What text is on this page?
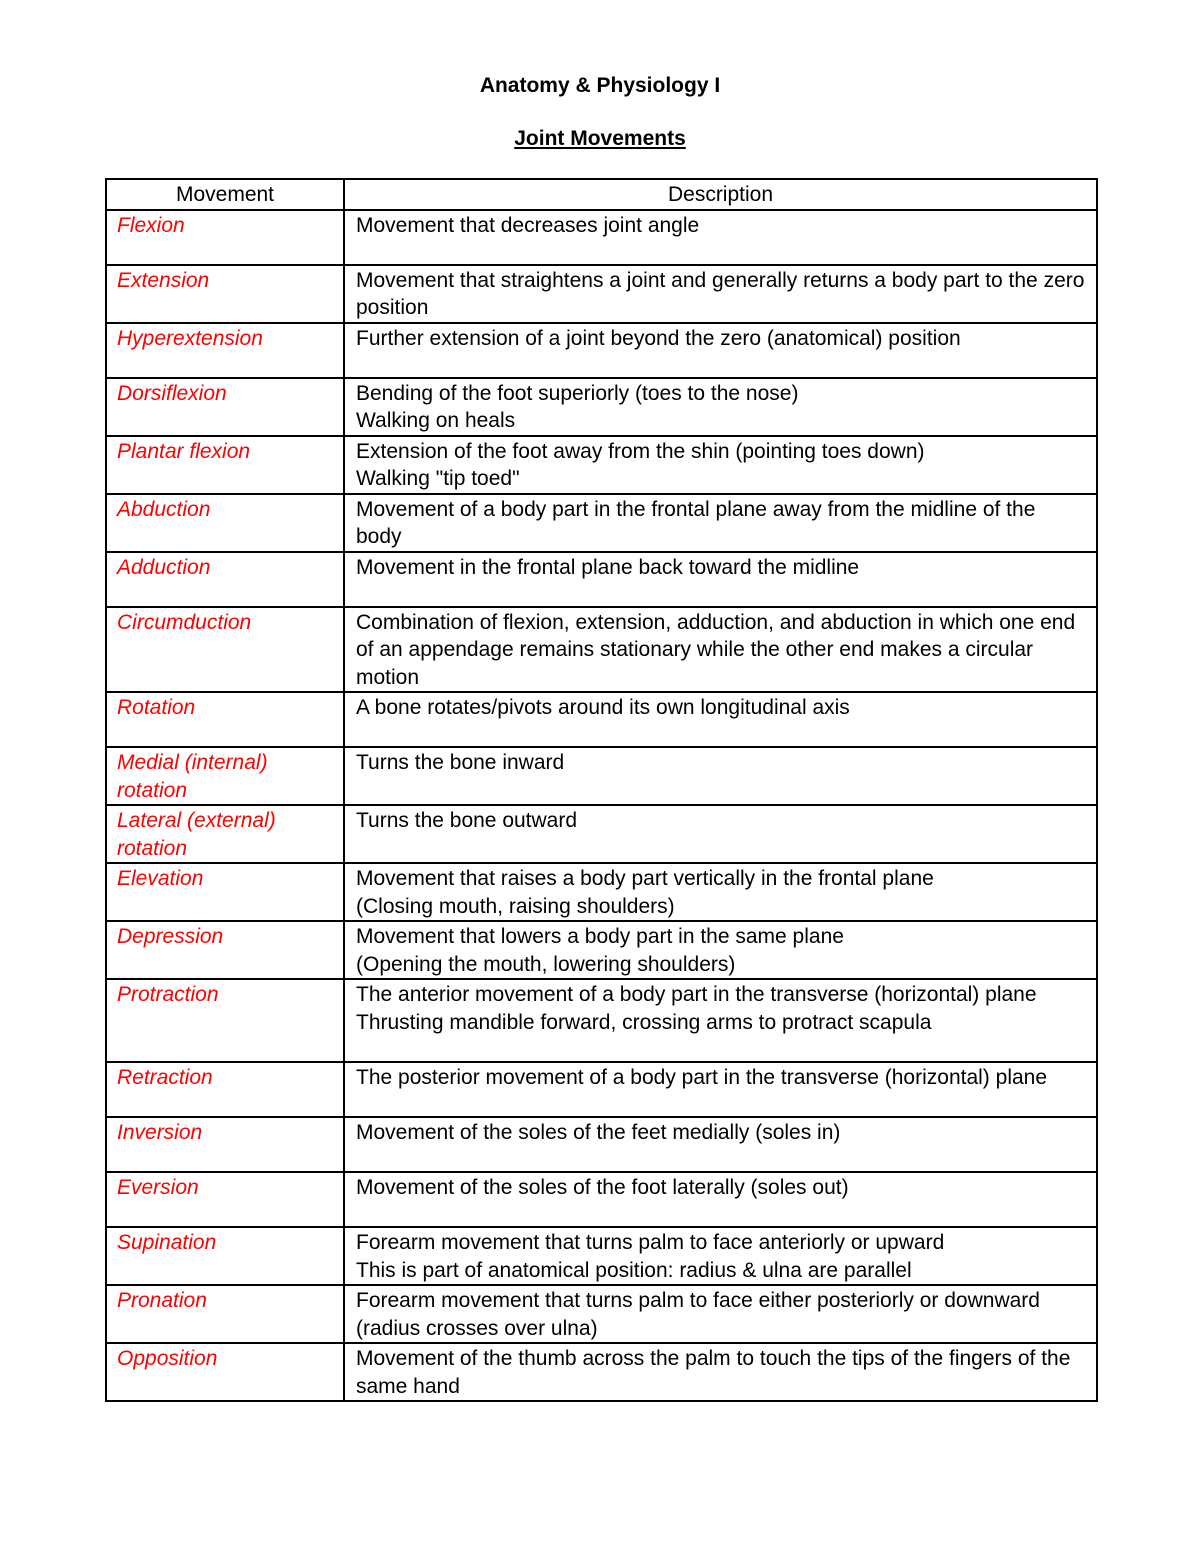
Anatomy & Physiology I
Joint Movements
Movement	Description
Flexion	Movement that decreases joint angle

Extension	Movement that straightens a joint and generally returns a body part to the zero position

Hyperextension	Further extension of a joint beyond the zero (anatomical) position

Dorsiflexion	Bending of the foot superiorly (toes to the nose)
Walking on heals

Plantar flexion	Extension of the foot away from the shin (pointing toes down)
Walking "tip toed"

Abduction	Movement of a body part in the frontal plane away from the midline of the body

Adduction	Movement in the frontal plane back toward the midline

Circumduction	Combination of flexion, extension, adduction, and abduction in which one end of an appendage remains stationary while the other end makes a circular motion

Rotation	A bone rotates/pivots around its own longitudinal axis

Medial (internal) rotation	Turns the bone inward

Lateral (external) rotation	Turns the bone outward

Elevation	Movement that raises a body part vertically in the frontal plane
(Closing mouth, raising shoulders)

Depression	Movement that lowers a body part in the same plane
(Opening the mouth, lowering shoulders)

Protraction	The anterior movement of a body part in the transverse (horizontal) plane
Thrusting mandible forward, crossing arms to protract scapula

Retraction	The posterior movement of a body part in the transverse (horizontal) plane

Inversion	Movement of the soles of the feet medially (soles in)

Eversion	Movement of the soles of the foot laterally (soles out)

Supination	Forearm movement that turns palm to face anteriorly or upward
This is part of anatomical position: radius & ulna are parallel

Pronation	Forearm movement that turns palm to face either posteriorly or downward (radius crosses over ulna)

Opposition	Movement of the thumb across the palm to touch the tips of the fingers of the same hand
